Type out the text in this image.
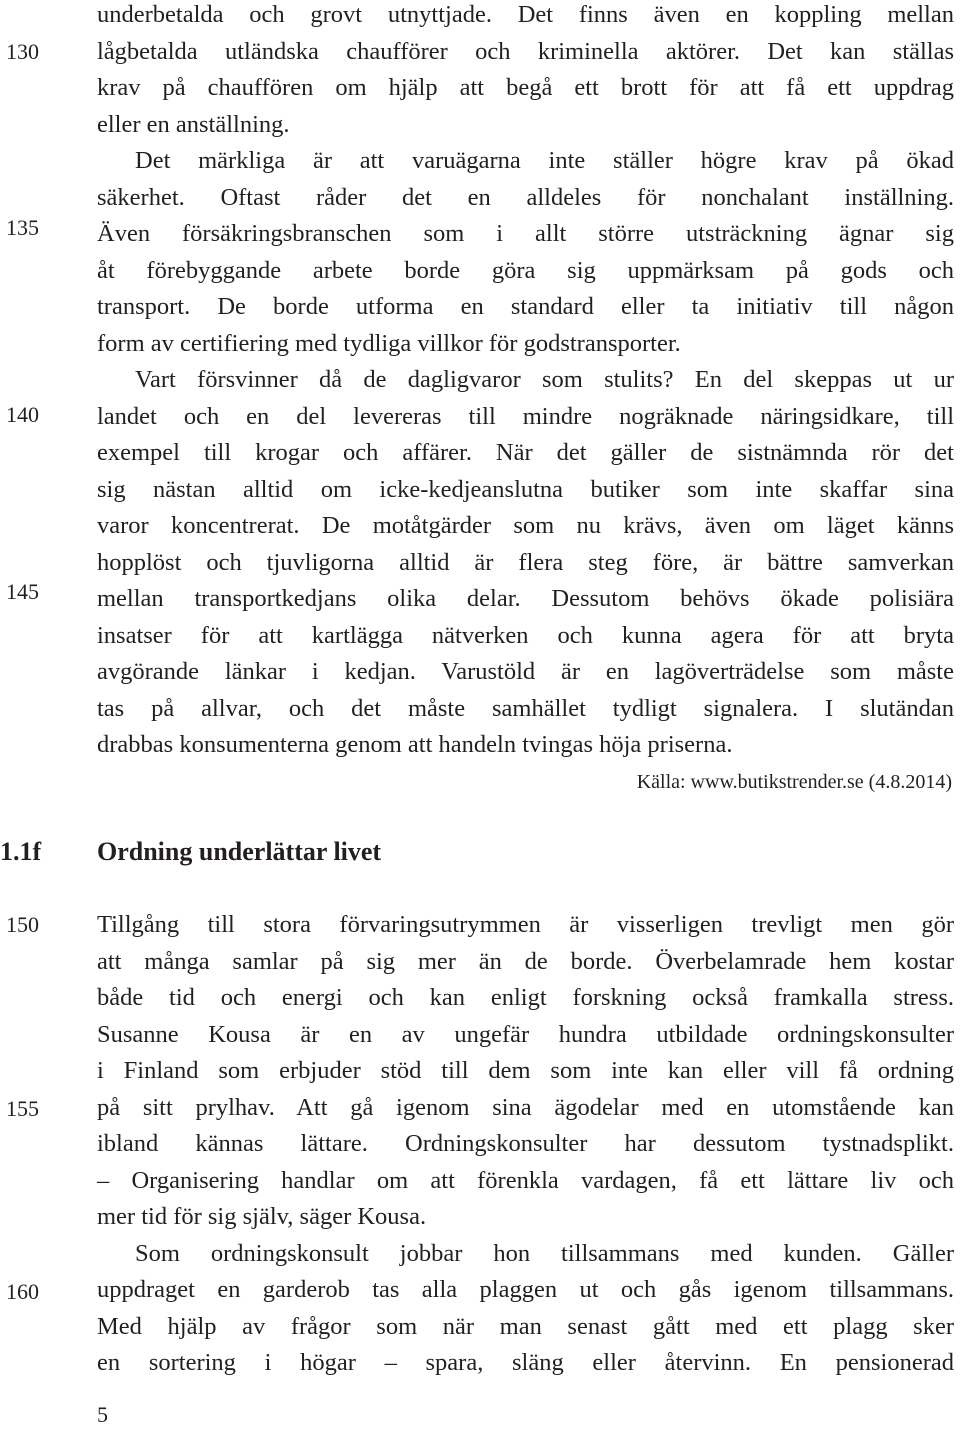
130
135
140
145
150
155
160
underbetalda och grovt utnyttjade. Det finns även en koppling mellan
lågbetalda utländska chaufförer och kriminella aktörer. Det kan ställas
krav på chauffören om hjälp att begå ett brott för att få ett uppdrag
eller en anställning.
Det märkliga är att varuägarna inte ställer högre krav på ökad
säkerhet. Oftast råder det en alldeles för nonchalant inställning.
Även försäkringsbranschen som i allt större utsträckning ägnar sig
åt förebyggande arbete borde göra sig uppmärksam på gods och
transport. De borde utforma en standard eller ta initiativ till någon
form av certifiering med tydliga villkor för godstransporter.
Vart försvinner då de dagligvaror som stulits? En del skeppas ut ur
landet och en del levereras till mindre nogräknade näringsidkare, till
exempel till krogar och affärer. När det gäller de sistnämnda rör det
sig nästan alltid om icke-kedjeanslutna butiker som inte skaffar sina
varor koncentrerat. De motåtgärder som nu krävs, även om läget känns
hopplöst och tjuvligorna alltid är flera steg före, är bättre samverkan
mellan transportkedjans olika delar. Dessutom behövs ökade polisiära
insatser för att kartlägga nätverken och kunna agera för att bryta
avgörande länkar i kedjan. Varustöld är en lagöverträdelse som måste
tas på allvar, och det måste samhället tydligt signalera. I slutändan
drabbas konsumenterna genom att handeln tvingas höja priserna.
Källa: www.butikstrender.se (4.8.2014)
1.1f Ordning underlättar livet
Tillgång till stora förvaringsutrymmen är visserligen trevligt men gör
att många samlar på sig mer än de borde. Överbelamrade hem kostar
både tid och energi och kan enligt forskning också framkalla stress.
Susanne Kousa är en av ungefär hundra utbildade ordningskonsulter
i Finland som erbjuder stöd till dem som inte kan eller vill få ordning
på sitt prylhav. Att gå igenom sina ägodelar med en utomstående kan
ibland kännas lättare. Ordningskonsulter har dessutom tystnadsplikt.
– Organisering handlar om att förenkla vardagen, få ett lättare liv och
mer tid för sig själv, säger Kousa.
Som ordningskonsult jobbar hon tillsammans med kunden. Gäller
uppdraget en garderob tas alla plaggen ut och gås igenom tillsammans.
Med hjälp av frågor som när man senast gått med ett plagg sker
en sortering i högar – spara, släng eller återvinn. En pensionerad
5
